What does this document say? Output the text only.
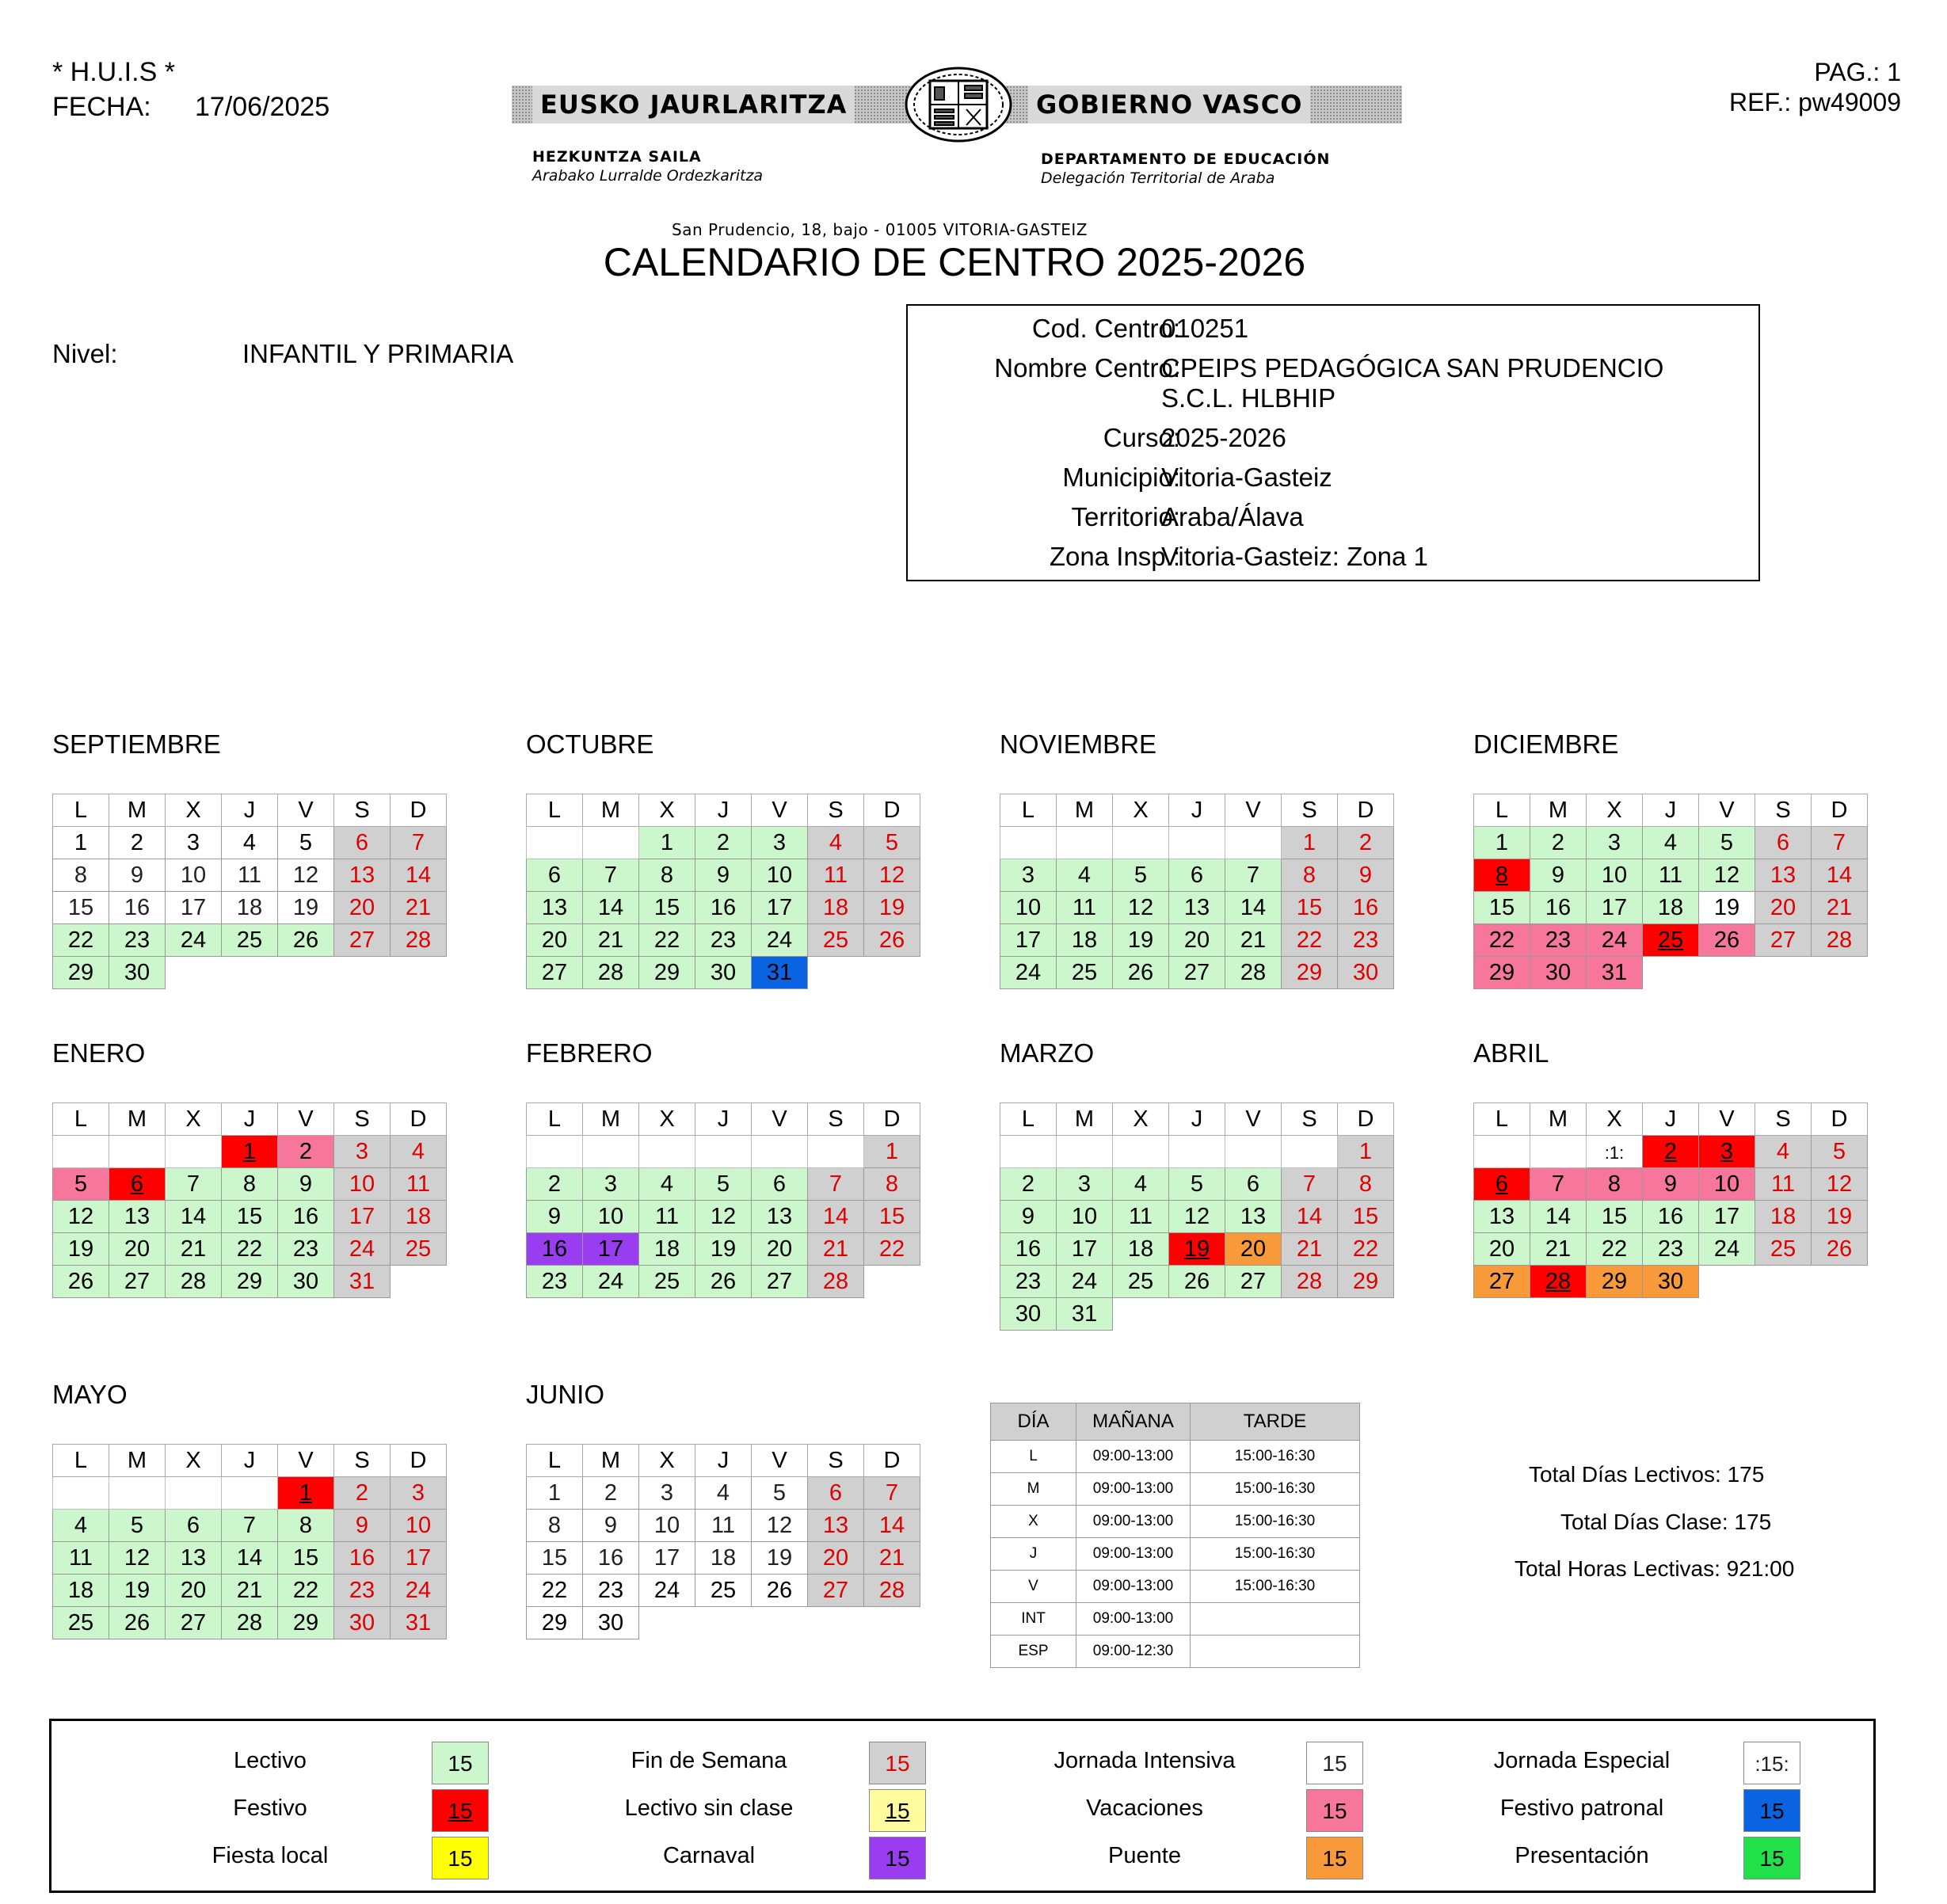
* H.U.I.S *
FECHA: 17/06/2025
PAG.: 1
REF.: pw49009
EUSKO JAURLARITZA	GOBIERNO VASCO
HEZKUNTZA SAILA
Arabako Lurralde Ordezkaritza
DEPARTAMENTO DE EDUCACIÓN
Delegación Territorial de Araba
San Prudencio, 18, bajo - 01005 VITORIA-GASTEIZ
CALENDARIO DE CENTRO 2025-2026
Nivel:	INFANTIL Y PRIMARIA
Cod. Centro:
010251
Nombre Centro:
CPEIPS PEDAGÓGICA SAN PRUDENCIO
S.C.L. HLBHIP
Curso:
2025-2026
Municipio:
Vitoria-Gasteiz
Territorio:
Araba/Álava
Zona Insp.:
Vitoria-Gasteiz: Zona 1
SEPTIEMBRE
L	M	X	J	V	S	D
1	2	3	4	5	6	7
8	9	10	11	12	13	14
15	16	17	18	19	20	21
22	23	24	25	26	27	28
29	30					
OCTUBRE
L	M	X	J	V	S	D
		1	2	3	4	5
6	7	8	9	10	11	12
13	14	15	16	17	18	19
20	21	22	23	24	25	26
27	28	29	30	31		
NOVIEMBRE
L	M	X	J	V	S	D
					1	2
3	4	5	6	7	8	9
10	11	12	13	14	15	16
17	18	19	20	21	22	23
24	25	26	27	28	29	30
DICIEMBRE
L	M	X	J	V	S	D
1	2	3	4	5	6	7
8	9	10	11	12	13	14
15	16	17	18	19	20	21
22	23	24	25	26	27	28
29	30	31				
ENERO
L	M	X	J	V	S	D
			1	2	3	4
5	6	7	8	9	10	11
12	13	14	15	16	17	18
19	20	21	22	23	24	25
26	27	28	29	30	31	
FEBRERO
L	M	X	J	V	S	D
						1
2	3	4	5	6	7	8
9	10	11	12	13	14	15
16	17	18	19	20	21	22
23	24	25	26	27	28	
MARZO
L	M	X	J	V	S	D
						1
2	3	4	5	6	7	8
9	10	11	12	13	14	15
16	17	18	19	20	21	22
23	24	25	26	27	28	29
30	31					
ABRIL
L	M	X	J	V	S	D
		:1:	2	3	4	5
6	7	8	9	10	11	12
13	14	15	16	17	18	19
20	21	22	23	24	25	26
27	28	29	30			
MAYO
L	M	X	J	V	S	D
				1	2	3
4	5	6	7	8	9	10
11	12	13	14	15	16	17
18	19	20	21	22	23	24
25	26	27	28	29	30	31
JUNIO
L	M	X	J	V	S	D
1	2	3	4	5	6	7
8	9	10	11	12	13	14
15	16	17	18	19	20	21
22	23	24	25	26	27	28
29	30					
DÍA	MAÑANA	TARDE
L	09:00-13:00	15:00-16:30
M	09:00-13:00	15:00-16:30
X	09:00-13:00	15:00-16:30
J	09:00-13:00	15:00-16:30
V	09:00-13:00	15:00-16:30
INT	09:00-13:00	
ESP	09:00-12:30	
Total Días Lectivos: 175
Total Días Clase: 175
Total Horas Lectivas: 921:00
Lectivo	15	Fin de Semana	15	Jornada Intensiva	15	Jornada Especial	:15:
Festivo	15	Lectivo sin clase	15	Vacaciones	15	Festivo patronal	15
Fiesta local	15	Carnaval	15	Puente	15	Presentación	15
